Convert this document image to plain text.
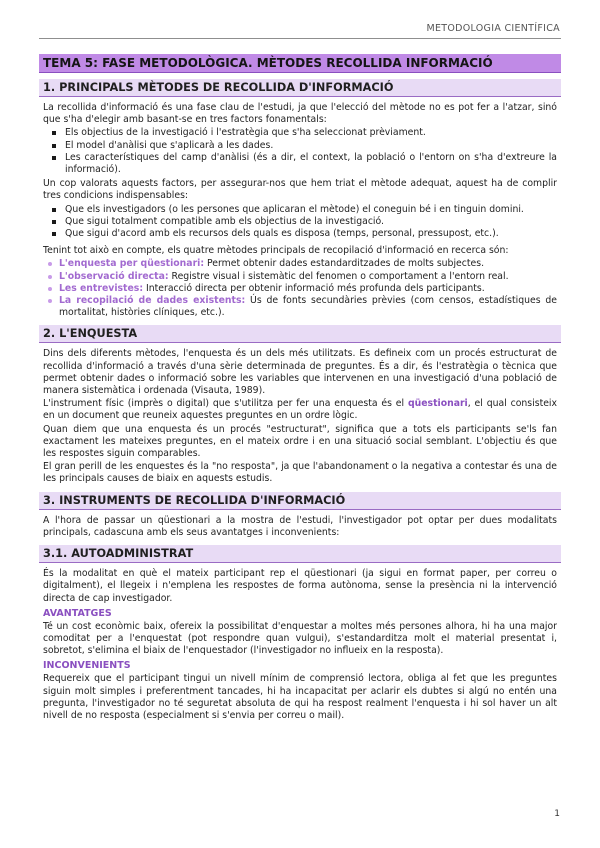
METODOLOGIA CIENTÍFICA
TEMA 5: FASE METODOLÒGICA. MÈTODES RECOLLIDA INFORMACIÓ
1. PRINCIPALS MÈTODES DE RECOLLIDA D'INFORMACIÓ

La recollida d'informació és una fase clau de l'estudi, ja que l'elecció del mètode no es pot fer a l'atzar, sinó que s'ha d'elegir amb basant-se en tres factors fonamentals:

Els objectius de la investigació i l'estratègia que s'ha seleccionat prèviament.
El model d'anàlisi que s'aplicarà a les dades.
Les característiques del camp d'anàlisi (és a dir, el context, la població o l'entorn on s'ha d'extreure la informació).

Un cop valorats aquests factors, per assegurar-nos que hem triat el mètode adequat, aquest ha de complir tres condicions indispensables:

Que els investigadors (o les persones que aplicaran el mètode) el coneguin bé i en tinguin domini.
Que sigui totalment compatible amb els objectius de la investigació.
Que sigui d'acord amb els recursos dels quals es disposa (temps, personal, pressupost, etc.).

Tenint tot això en compte, els quatre mètodes principals de recopilació d'informació en recerca són:

L'enquesta per qüestionari: Permet obtenir dades estandarditzades de molts subjectes.
L'observació directa: Registre visual i sistemàtic del fenomen o comportament a l'entorn real.
Les entrevistes: Interacció directa per obtenir informació més profunda dels participants.
La recopilació de dades existents: Ús de fonts secundàries prèvies (com censos, estadístiques de mortalitat, històries clíniques, etc.).
2. L'ENQUESTA

Dins dels diferents mètodes, l'enquesta és un dels més utilitzats. Es defineix com un procés estructurat de recollida d'informació a través d'una sèrie determinada de preguntes. És a dir, és l'estratègia o tècnica que permet obtenir dades o informació sobre les variables que intervenen en una investigació d'una població de manera sistemàtica i ordenada (Visauta, 1989).

L'instrument físic (imprès o digital) que s'utilitza per fer una enquesta és el qüestionari, el qual consisteix en un document que reuneix aquestes preguntes en un ordre lògic.

Quan diem que una enquesta és un procés "estructurat", significa que a tots els participants se'ls fan exactament les mateixes preguntes, en el mateix ordre i en una situació social semblant. L'objectiu és que les respostes siguin comparables.

El gran perill de les enquestes és la "no resposta", ja que l'abandonament o la negativa a contestar és una de les principals causes de biaix en aquests estudis.

3. INSTRUMENTS DE RECOLLIDA D'INFORMACIÓ

A l'hora de passar un qüestionari a la mostra de l'estudi, l'investigador pot optar per dues modalitats principals, cadascuna amb els seus avantatges i inconvenients:

3.1. AUTOADMINISTRAT

És la modalitat en què el mateix participant rep el qüestionari (ja sigui en format paper, per correu o digitalment), el llegeix i n'emplena les respostes de forma autònoma, sense la presència ni la intervenció directa de cap investigador.

AVANTATGES

Té un cost econòmic baix, ofereix la possibilitat d'enquestar a moltes més persones alhora, hi ha una major comoditat per a l'enquestat (pot respondre quan vulgui), s'estandarditza molt el material presentat i, sobretot, s'elimina el biaix de l'enquestador (l'investigador no influeix en la resposta).

INCONVENIENTS

Requereix que el participant tingui un nivell mínim de comprensió lectora, obliga al fet que les preguntes siguin molt simples i preferentment tancades, hi ha incapacitat per aclarir els dubtes si algú no entén una pregunta, l'investigador no té seguretat absoluta de qui ha respost realment l'enquesta i hi sol haver un alt nivell de no resposta (especialment si s'envia per correu o mail).

1
